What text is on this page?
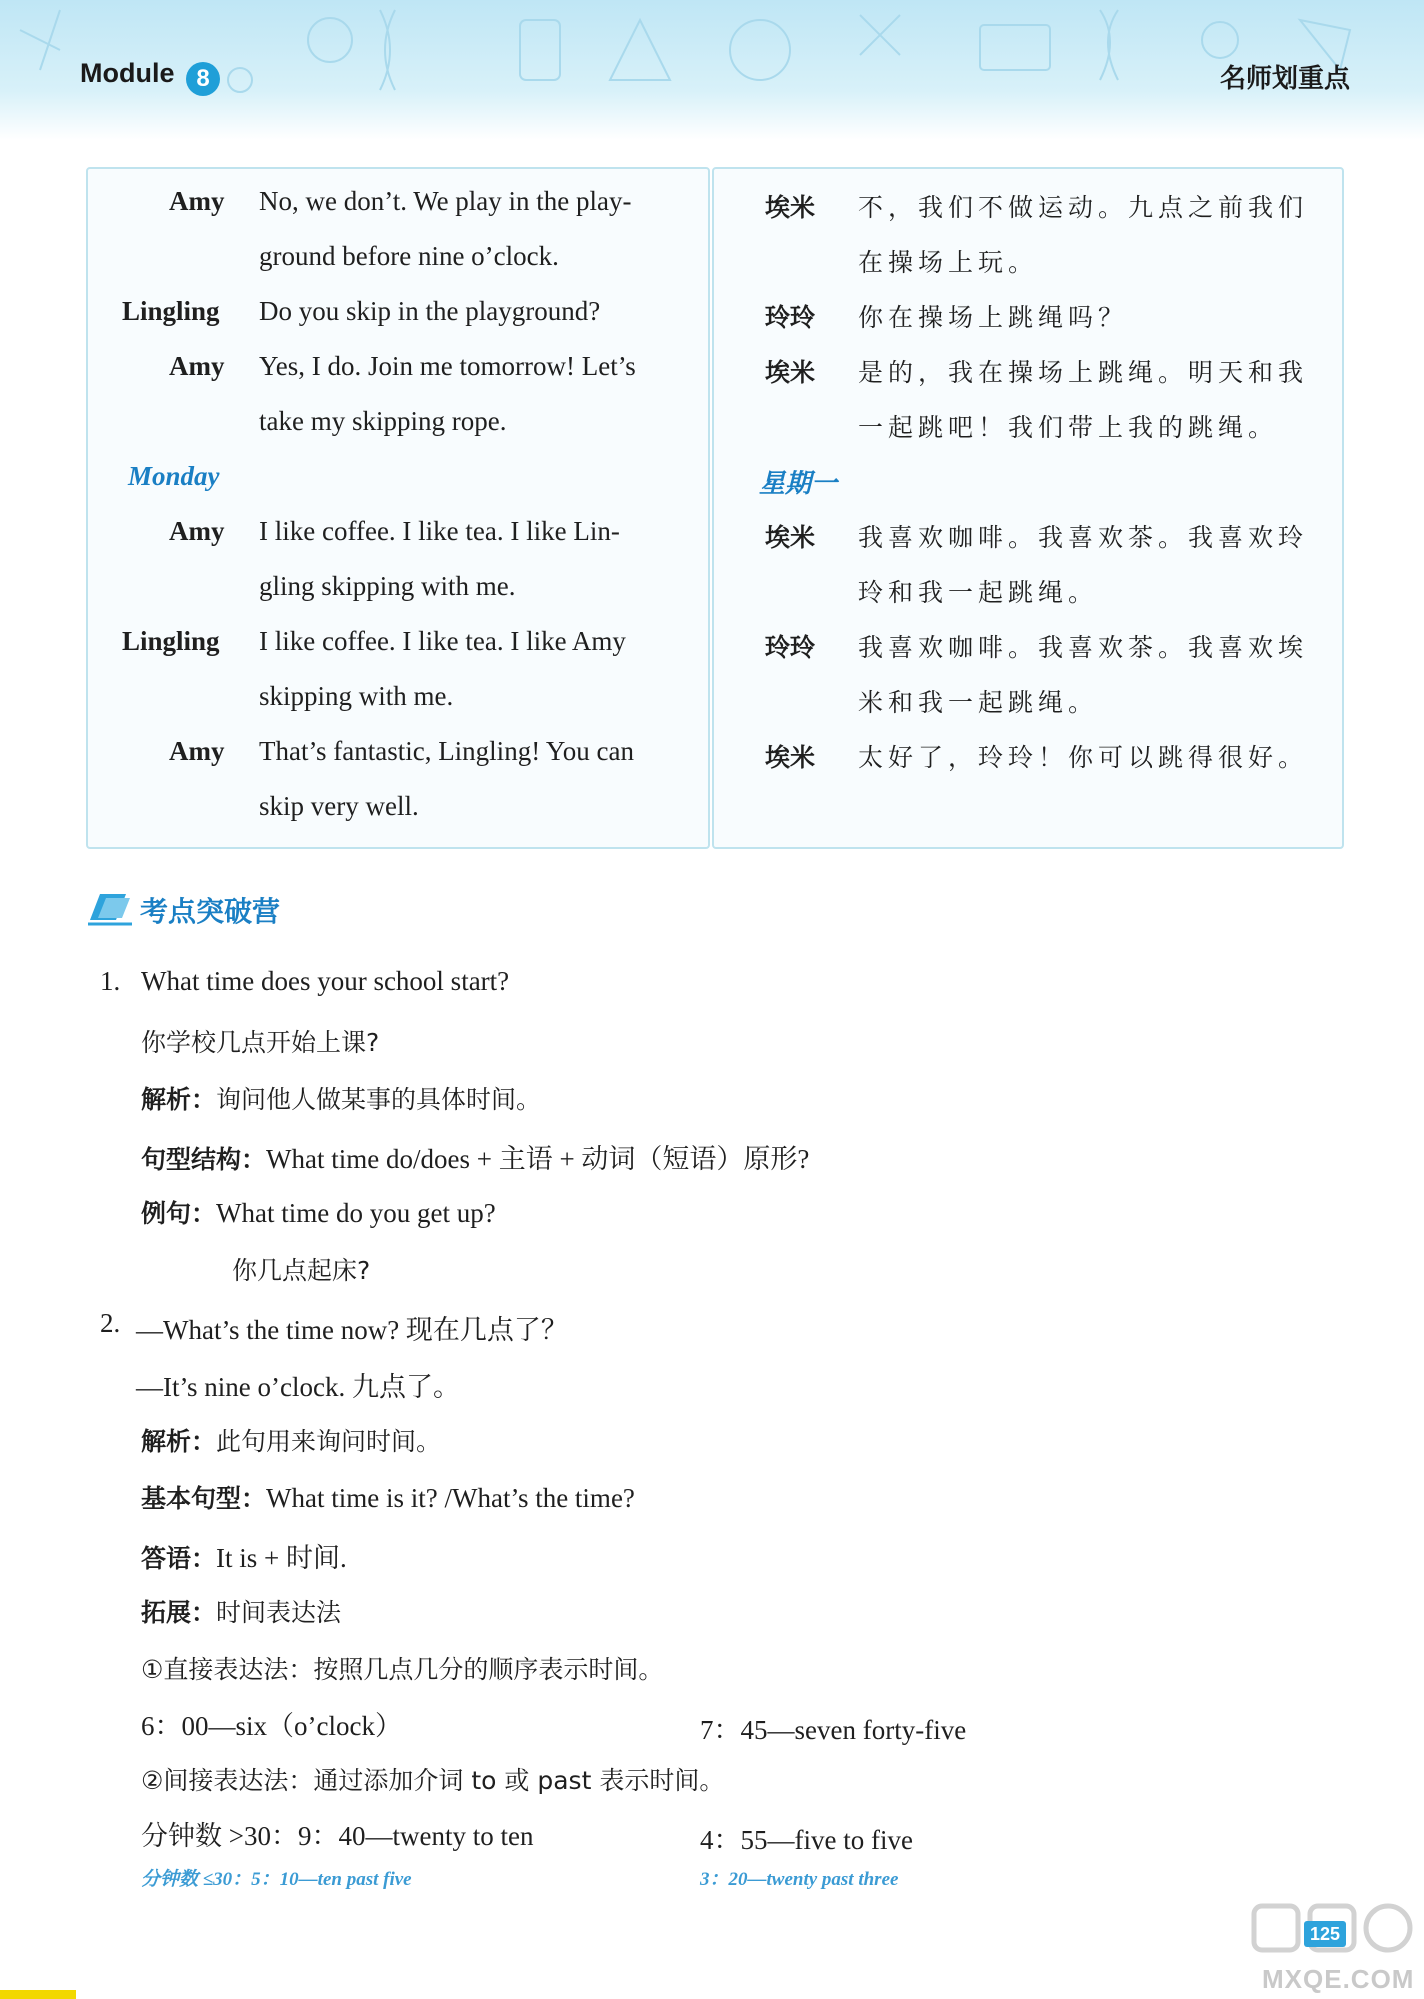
Module 8	名师划重点
Amy No, we don’t. We play in the play-
ground before nine o’clock.
Lingling Do you skip in the playground?
Amy Yes, I do. Join me tomorrow! Let’s
take my skipping rope.
Monday
Amy I like coffee. I like tea. I like Lin-
gling skipping with me.
Lingling I like coffee. I like tea. I like Amy
skipping with me.
Amy That’s fantastic, Lingling! You can
skip very well.
埃米 不，我们不做运动。九点之前我们
在操场上玩。
玲玲 你在操场上跳绳吗？
埃米 是的，我在操场上跳绳。明天和我
一起跳吧！我们带上我的跳绳。
星期一
埃米 我喜欢咖啡。我喜欢茶。我喜欢玲
玲和我一起跳绳。
玲玲 我喜欢咖啡。我喜欢茶。我喜欢埃
米和我一起跳绳。
埃米 太好了，玲玲！你可以跳得很好。
考点突破营
1. What time does your school start?
你学校几点开始上课?
解析：询问他人做某事的具体时间。
句型结构：What time do/does + 主语 + 动词（短语）原形?
例句：What time do you get up?
你几点起床?
2. —What’s the time now? 现在几点了？
—It’s nine o’clock. 九点了。
解析：此句用来询问时间。
基本句型：What time is it? /What’s the time?
答语：It is + 时间.
拓展：时间表达法
①直接表达法：按照几点几分的顺序表示时间。
6：00—six（o’clock）	7：45—seven forty-five
②间接表达法：通过添加介词 to 或 past 表示时间。
分钟数 >30：9：40—twenty to ten	4：55—five to five
分钟数 ≤30：5：10—ten past five	3：20—twenty past three
125
MXQE.COM
